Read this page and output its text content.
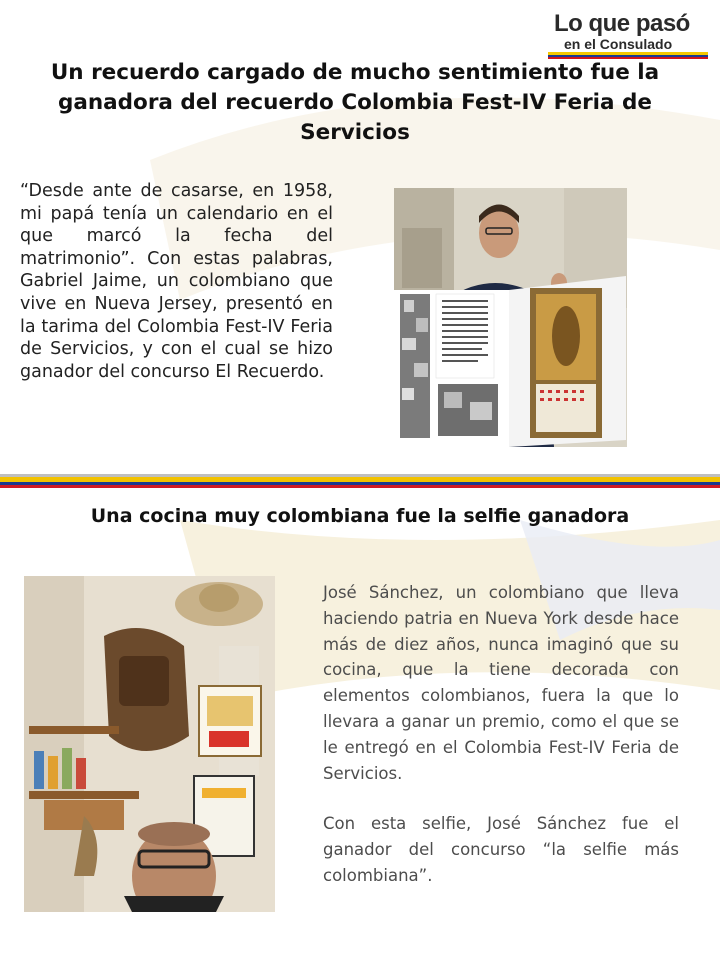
Lo que pasó
en el Consulado
Un recuerdo cargado de mucho sentimiento fue la ganadora del recuerdo Colombia Fest-IV Feria de Servicios
“Desde ante de casarse, en 1958, mi papá tenía un calendario en el que marcó la fecha del matrimonio”. Con estas palabras, Gabriel Jaime, un colombiano que vive en Nueva Jersey, presentó en la tarima del Colombia Fest-IV Feria de Servicios, y con el cual se hizo ganador del concurso El Recuerdo.
Una cocina muy colombiana fue la selfie ganadora

José Sánchez, un colombiano que lleva haciendo patria en Nueva York desde hace más de diez años, nunca imaginó que su cocina, que la tiene decorada con elementos colombianos, fuera la que lo llevara a ganar un premio, como el que se le entregó en el Colombia Fest-IV Feria de Servicios.

Con esta selfie, José Sánchez fue el ganador del concurso “la selfie más colombiana”.
